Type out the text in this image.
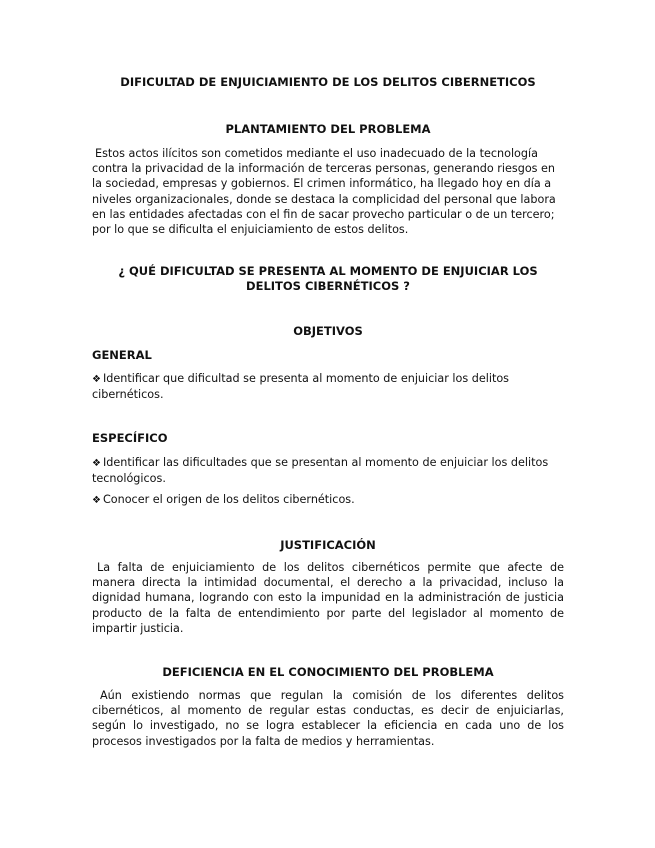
DIFICULTAD DE ENJUICIAMIENTO DE LOS DELITOS CIBERNETICOS

PLANTAMIENTO DEL PROBLEMA

Estos actos ilícitos son cometidos mediante el uso inadecuado de la tecnología contra la privacidad de la información de terceras personas, generando riesgos en la sociedad, empresas y gobiernos. El crimen informático, ha llegado hoy en día a niveles organizacionales, donde se destaca la complicidad del personal que labora en las entidades afectadas con el fin de sacar provecho particular o de un tercero; por lo que se dificulta el enjuiciamiento de estos delitos.

¿ QUÉ DIFICULTAD SE PRESENTA AL MOMENTO DE ENJUICIAR LOS DELITOS CIBERNÉTICOS ?

OBJETIVOS

GENERAL

❖ Identificar que dificultad se presenta al momento de enjuiciar los delitos cibernéticos.

ESPECÍFICO

❖ Identificar las dificultades que se presentan al momento de enjuiciar los delitos tecnológicos.

❖ Conocer el origen de los delitos cibernéticos.

JUSTIFICACIÓN

La falta de enjuiciamiento de los delitos cibernéticos permite que afecte de manera directa la intimidad documental, el derecho a la privacidad, incluso la dignidad humana, logrando con esto la impunidad en la administración de justicia producto de la falta de entendimiento por parte del legislador al momento de impartir justicia.

DEFICIENCIA EN EL CONOCIMIENTO DEL PROBLEMA

Aún existiendo normas que regulan la comisión de los diferentes delitos cibernéticos, al momento de regular estas conductas, es decir de enjuiciarlas, según lo investigado, no se logra establecer la eficiencia en cada uno de los procesos investigados por la falta de medios y herramientas.
